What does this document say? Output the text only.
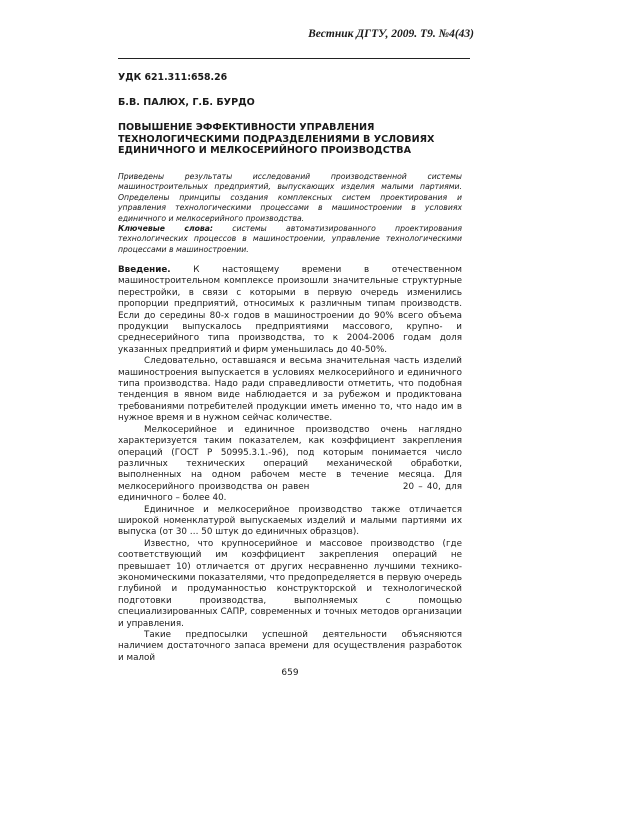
Вестник ДГТУ, 2009. Т9. №4(43)
УДК 621.311:658.26
Б.В. ПАЛЮХ, Г.Б. БУРДО
ПОВЫШЕНИЕ ЭФФЕКТИВНОСТИ УПРАВЛЕНИЯ
ТЕХНОЛОГИЧЕСКИМИ ПОДРАЗДЕЛЕНИЯМИ В УСЛОВИЯХ
ЕДИНИЧНОГО И МЕЛКОСЕРИЙНОГО ПРОИЗВОДСТВА

Приведены результаты исследований производственной системы машиностроительных предприятий, выпускающих изделия малыми партиями. Определены принципы создания комплексных систем проектирования и управления технологическими процессами в машиностроении в условиях единичного и мелкосерийного производства.

Ключевые слова: системы автоматизированного проектирования технологических процессов в машиностроении, управление технологическими процессами в машиностроении.

Введение. К настоящему времени в отечественном машиностроительном комплексе произошли значительные структурные перестройки, в связи с которыми в первую очередь изменились пропорции предприятий, относимых к различным типам производств. Если до середины 80-х годов в машиностроении до 90% всего объема продукции выпускалось предприятиями массового, крупно- и среднесерийного типа производства, то к 2004-2006 годам доля указанных предприятий и фирм уменьшилась до 40-50%.

Следовательно, оставшаяся и весьма значительная часть изделий машиностроения выпускается в условиях мелкосерийного и единичного типа производства. Надо ради справедливости отметить, что подобная тенденция в явном виде наблюдается и за рубежом и продиктована требованиями потребителей продукции иметь именно то, что надо им в нужное время и в нужном сейчас количестве.

Мелкосерийное и единичное производство очень наглядно характеризуется таким показателем, как коэффициент закрепления операций (ГОСТ Р 50995.3.1.-96), под которым понимается число различных технических операций механической обработки, выполненных на одном рабочем месте в течение месяца. Для мелкосерийного производства он равен                      20 – 40, для единичного – более 40.

Единичное и мелкосерийное производство также отличается широкой номенклатурой выпускаемых изделий и малыми партиями их выпуска (от 30 … 50 штук до единичных образцов).

Известно, что крупносерийное и массовое производство (где соответствующий им коэффициент закрепления операций не превышает 10) отличается от других несравненно лучшими технико-экономическими показателями, что предопределяется в первую очередь глубиной и продуманностью конструкторской и технологической подготовки производства, выполняемых с помощью специализированных САПР, современных и точных методов организации и управления.

Такие предпосылки успешной деятельности объясняются наличием достаточного запаса времени для осуществления разработок и малой

659
